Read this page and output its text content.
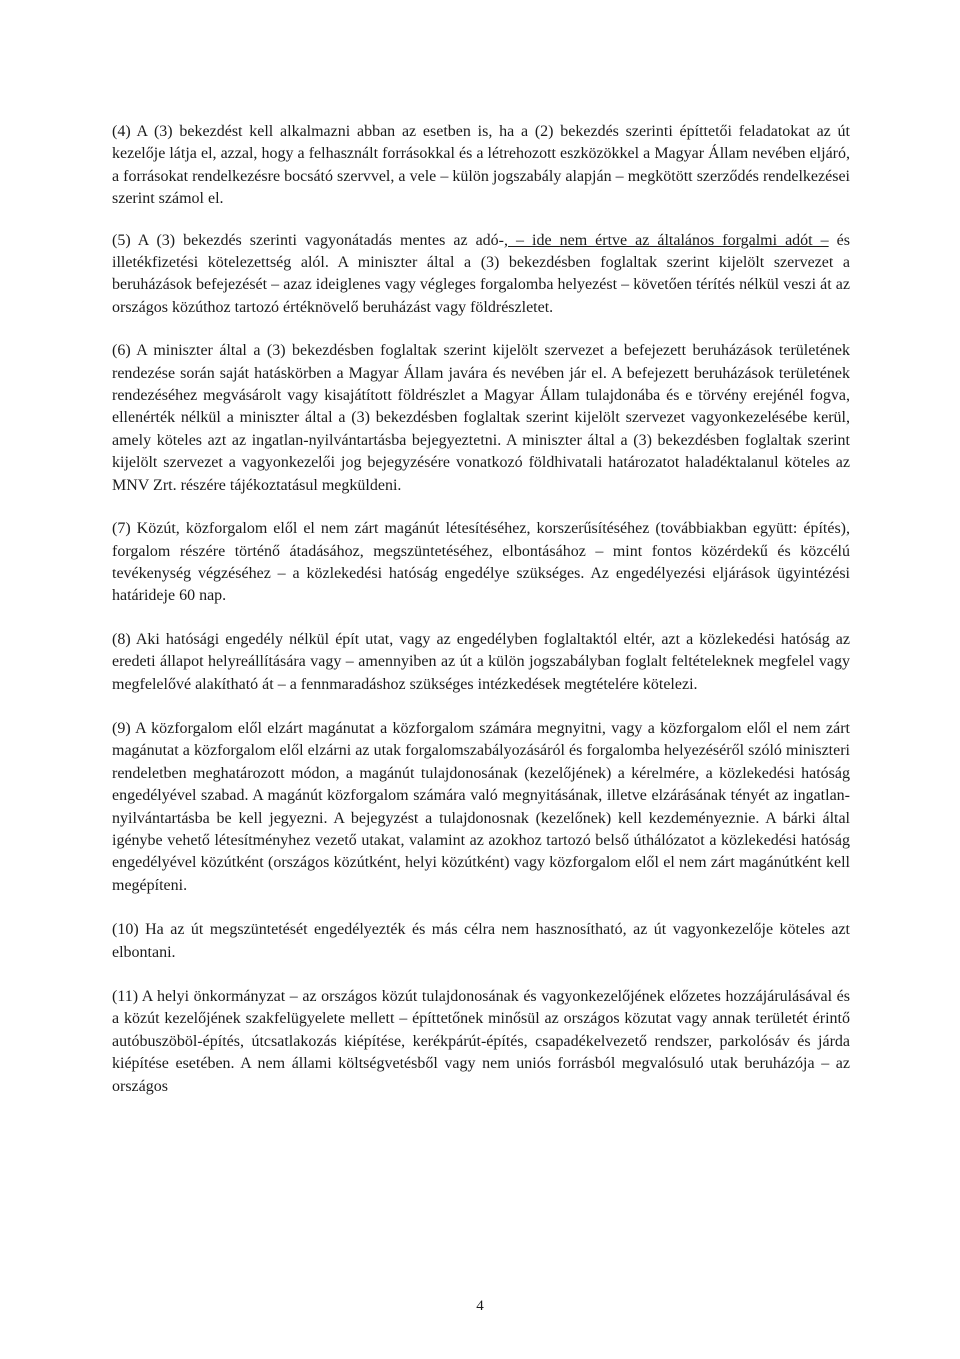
(4) A (3) bekezdést kell alkalmazni abban az esetben is, ha a (2) bekezdés szerinti építtetői feladatokat az út kezelője látja el, azzal, hogy a felhasznált forrásokkal és a létrehozott eszközökkel a Magyar Állam nevében eljáró, a forrásokat rendelkezésre bocsátó szervvel, a vele – külön jogszabály alapján – megkötött szerződés rendelkezései szerint számol el.

(5) A (3) bekezdés szerinti vagyonátadás mentes az adó-, – ide nem értve az általános forgalmi adót – és illetékfizetési kötelezettség alól. A miniszter által a (3) bekezdésben foglaltak szerint kijelölt szervezet a beruházások befejezését – azaz ideiglenes vagy végleges forgalomba helyezést – követően térítés nélkül veszi át az országos közúthoz tartozó értéknövelő beruházást vagy földrészletet.

(6) A miniszter által a (3) bekezdésben foglaltak szerint kijelölt szervezet a befejezett beruházások területének rendezése során saját hatáskörben a Magyar Állam javára és nevében jár el. A befejezett beruházások területének rendezéséhez megvásárolt vagy kisajátított földrészlet a Magyar Állam tulajdonába és e törvény erejénél fogva, ellenérték nélkül a miniszter által a (3) bekezdésben foglaltak szerint kijelölt szervezet vagyonkezelésébe kerül, amely köteles azt az ingatlan-nyilvántartásba bejegyeztetni. A miniszter által a (3) bekezdésben foglaltak szerint kijelölt szervezet a vagyonkezelői jog bejegyzésére vonatkozó földhivatali határozatot haladéktalanul köteles az MNV Zrt. részére tájékoztatásul megküldeni.

(7) Közút, közforgalom elől el nem zárt magánút létesítéséhez, korszerűsítéséhez (továbbiakban együtt: építés), forgalom részére történő átadásához, megszüntetéséhez, elbontásához – mint fontos közérdekű és közcélú tevékenység végzéséhez – a közlekedési hatóság engedélye szükséges. Az engedélyezési eljárások ügyintézési határideje 60 nap.

(8) Aki hatósági engedély nélkül épít utat, vagy az engedélyben foglaltaktól eltér, azt a közlekedési hatóság az eredeti állapot helyreállítására vagy – amennyiben az út a külön jogszabályban foglalt feltételeknek megfelel vagy megfelelővé alakítható át – a fennmaradáshoz szükséges intézkedések megtételére kötelezi.

(9) A közforgalom elől elzárt magánutat a közforgalom számára megnyitni, vagy a közforgalom elől el nem zárt magánutat a közforgalom elől elzárni az utak forgalomszabályozásáról és forgalomba helyezéséről szóló miniszteri rendeletben meghatározott módon, a magánút tulajdonosának (kezelőjének) a kérelmére, a közlekedési hatóság engedélyével szabad. A magánút közforgalom számára való megnyitásának, illetve elzárásának tényét az ingatlan-nyilvántartásba be kell jegyezni. A bejegyzést a tulajdonosnak (kezelőnek) kell kezdeményeznie. A bárki által igénybe vehető létesítményhez vezető utakat, valamint az azokhoz tartozó belső úthálózatot a közlekedési hatóság engedélyével közútként (országos közútként, helyi közútként) vagy közforgalom elől el nem zárt magánútként kell megépíteni.

(10) Ha az út megszüntetését engedélyezték és más célra nem hasznosítható, az út vagyonkezelője köteles azt elbontani.

(11) A helyi önkormányzat – az országos közút tulajdonosának és vagyonkezelőjének előzetes hozzájárulásával és a közút kezelőjének szakfelügyelete mellett – építtetőnek minősül az országos közutat vagy annak területét érintő autóbuszöböl-építés, útcsatlakozás kiépítése, kerékpárút-építés, csapadékelvezető rendszer, parkolósáv és járda kiépítése esetében. A nem állami költségvetésből vagy nem uniós forrásból megvalósuló utak beruházója – az országos

4
